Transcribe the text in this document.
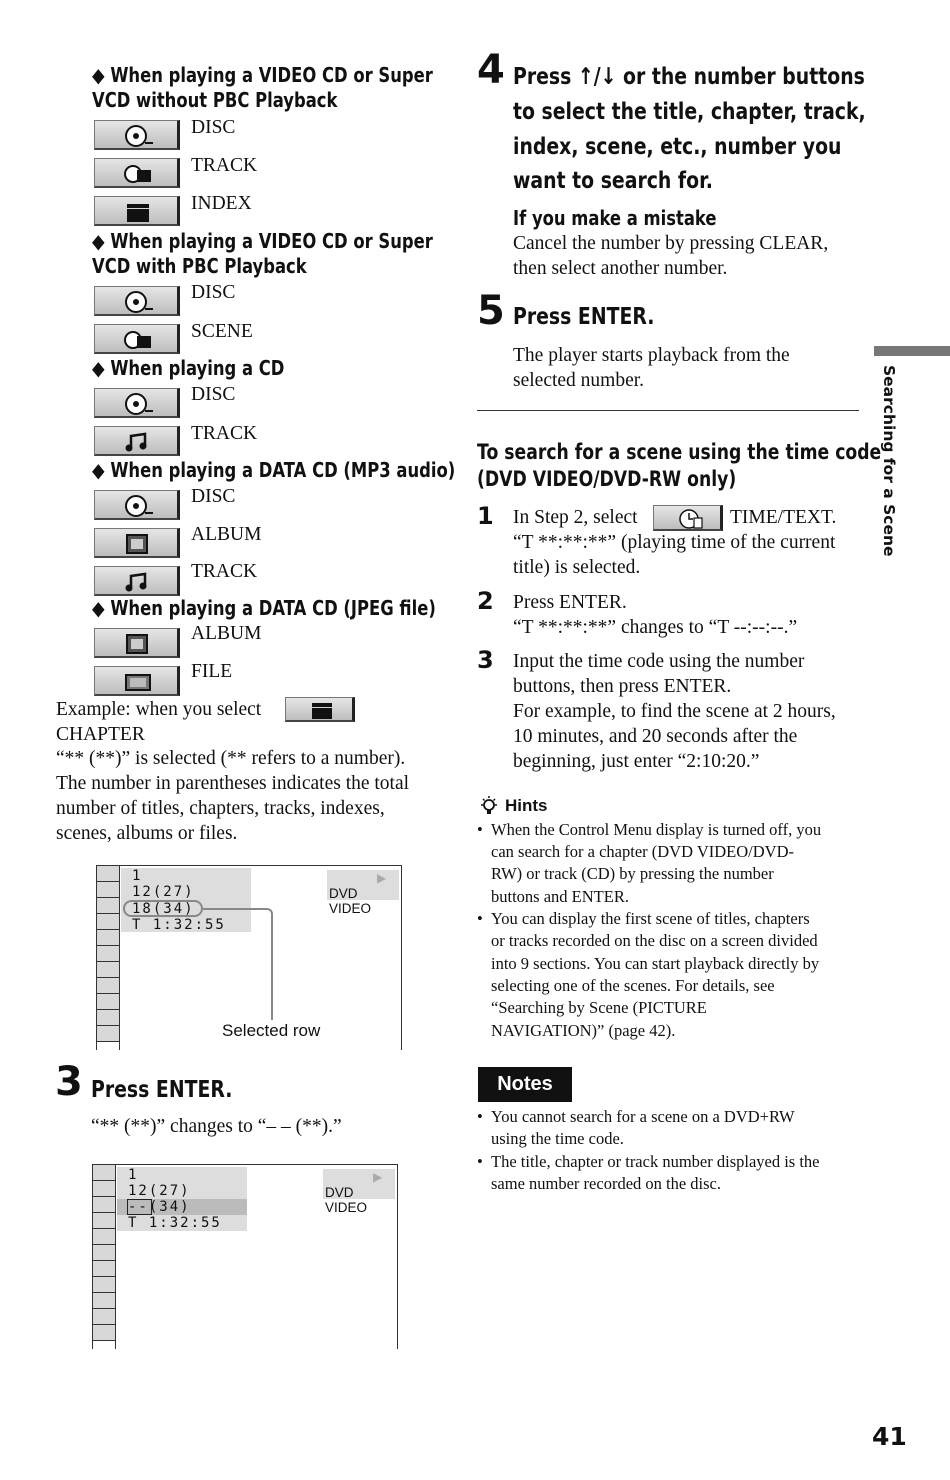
◆ When playing a VIDEO CD or Super
VCD without PBC Playback
DISC
TRACK
INDEX
◆ When playing a VIDEO CD or Super
VCD with PBC Playback
DISC
SCENE
◆ When playing a CD
DISC
TRACK
◆ When playing a DATA CD (MP3 audio)
DISC
ALBUM
TRACK
◆ When playing a DATA CD (JPEG file)
ALBUM
FILE
Example: when you select
CHAPTER
“** (**)” is selected (** refers to a number).
The number in parentheses indicates the total
number of titles, chapters, tracks, indexes,
scenes, albums or files.
1
12(27)
18(34)
T 1:32:55
▶
DVD VIDEO
Selected row
3 Press ENTER.
“** (**)” changes to “– – (**).”
1
12(27)
--(34)
T 1:32:55
▶
DVD VIDEO
4 Press ↑/↓ or the number buttons
to select the title, chapter, track,
index, scene, etc., number you
want to search for.
If you make a mistake
Cancel the number by pressing CLEAR,
then select another number.
5 Press ENTER.
The player starts playback from the
selected number.
To search for a scene using the time code
(DVD VIDEO/DVD-RW only)
1 In Step 2, select	TIME/TEXT.
“T **:**:**” (playing time of the current
title) is selected.
2 Press ENTER.
“T **:**:**” changes to “T --:--:--.”
3 Input the time code using the number
buttons, then press ENTER.
For example, to find the scene at 2 hours,
10 minutes, and 20 seconds after the
beginning, just enter “2:10:20.”
Hints
• When the Control Menu display is turned off, you
can search for a chapter (DVD VIDEO/DVD-
RW) or track (CD) by pressing the number
buttons and ENTER.
• You can display the first scene of titles, chapters
or tracks recorded on the disc on a screen divided
into 9 sections. You can start playback directly by
selecting one of the scenes. For details, see
“Searching by Scene (PICTURE
NAVIGATION)” (page 42).
Notes
• You cannot search for a scene on a DVD+RW
using the time code.
• The title, chapter or track number displayed is the
same number recorded on the disc.
Searching for a Scene
41
